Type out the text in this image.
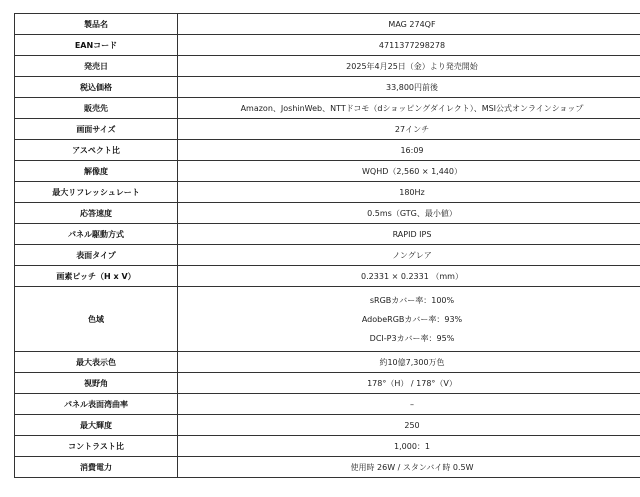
製品名	MAG 274QF
EANコード	4711377298278
発売日	2025年4月25日（金）より発売開始
税込価格	33,800円前後
販売先	Amazon、JoshinWeb、NTTドコモ（dショッピングダイレクト）、MSI公式オンラインショップ
画面サイズ	27インチ
アスペクト比	16:09
解像度	WQHD（2,560 × 1,440）
最大リフレッシュレート	180Hz
応答速度	0.5ms（GTG、最小値）
パネル駆動方式	RAPID IPS
表面タイプ	ノングレア
画素ピッチ（H x V）	0.2331 × 0.2331 （mm）
色域	sRGBカバー率：100%
AdobeRGBカバー率：93%
DCI-P3カバー率：95%

最大表示色	約10億7,300万色
視野角	178°（H） / 178°（V）
パネル表面湾曲率	–
最大輝度	250
コントラスト比	1,000：1
消費電力	使用時 26W / スタンバイ時 0.5W
